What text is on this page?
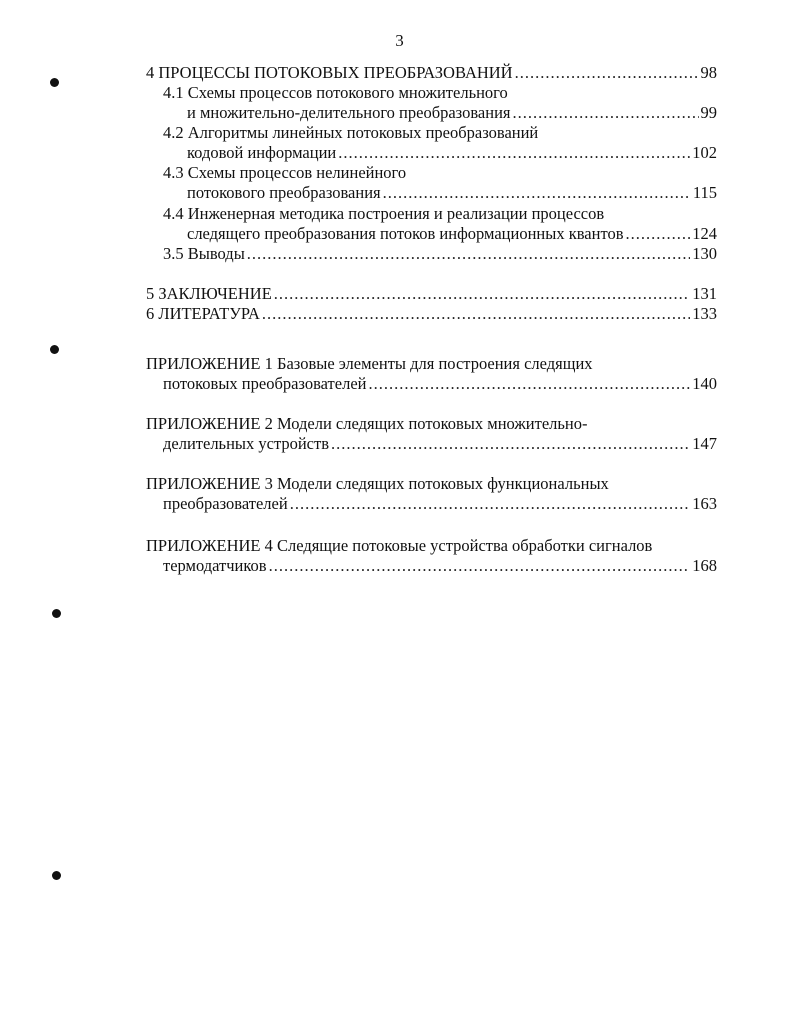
3
4 ПРОЦЕССЫ ПОТОКОВЫХ ПРЕОБРАЗОВАНИЙ .....	98
4.1 Схемы процессов потокового множительного
и множительно-делительного преобразования .....	99
4.2 Алгоритмы линейных потоковых преобразований
кодовой информации .....	102
4.3 Схемы процессов нелинейного
потокового преобразования .....	115
4.4 Инженерная методика построения и реализации процессов
следящего преобразования потоков информационных квантов .....	124
3.5 Выводы .....	130
5 ЗАКЛЮЧЕНИЕ .....	131
6 ЛИТЕРАТУРА .....	133
ПРИЛОЖЕНИЕ 1 Базовые элементы для построения следящих
потоковых преобразователей .....	140
ПРИЛОЖЕНИЕ 2 Модели следящих потоковых множительно-
делительных устройств .....	147
ПРИЛОЖЕНИЕ 3 Модели следящих потоковых функциональных
преобразователей .....	163
ПРИЛОЖЕНИЕ 4 Следящие потоковые устройства обработки сигналов
термодатчиков .....	168
